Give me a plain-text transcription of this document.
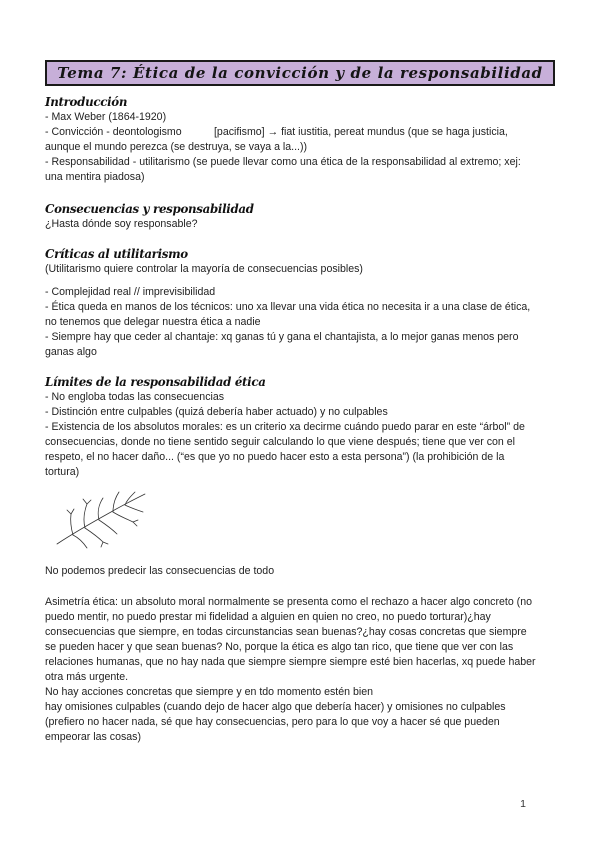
Tema 7: Ética de la convicción y de la responsabilidad
Introducción
- Max Weber (1864-1920)
- Convicción - deontologismo           [pacifismo] → fiat iustitia, pereat mundus (que se haga justicia,
aunque el mundo perezca (se destruya, se vaya a la...))
- Responsabilidad - utilitarismo (se puede llevar como una ética de la responsabilidad al extremo; xej:
una mentira piadosa)
Consecuencias y responsabilidad
¿Hasta dónde soy responsable?
Críticas al utilitarismo
(Utilitarismo quiere controlar la mayoría de consecuencias posibles)
- Complejidad real // imprevisibilidad
- Ética queda en manos de los técnicos: uno xa llevar una vida ética no necesita ir a una clase de ética,
no tenemos que delegar nuestra ética a nadie
- Siempre hay que ceder al chantaje: xq ganas tú y gana el chantajista, a lo mejor ganas menos pero
ganas algo
Límites de la responsabilidad ética
- No engloba todas las consecuencias
- Distinción entre culpables (quizá debería haber actuado) y no culpables
- Existencia de los absolutos morales: es un criterio xa decirme cuándo puedo parar en este “árbol” de
consecuencias, donde no tiene sentido seguir calculando lo que viene después; tiene que ver con el
respeto, el no hacer daño... (“es que yo no puedo hacer esto a esta persona”) (la prohibición de la
tortura)
No podemos predecir las consecuencias de todo
Asimetría ética: un absoluto moral normalmente se presenta como el rechazo a hacer algo concreto (no
puedo mentir, no puedo prestar mi fidelidad a alguien en quien no creo, no puedo torturar)¿hay
consecuencias que siempre, en todas circunstancias sean buenas?¿hay cosas concretas que siempre
se pueden hacer y que sean buenas? No, porque la ética es algo tan rico, que tiene que ver con las
relaciones humanas, que no hay nada que siempre siempre siempre esté bien hacerlas, xq puede haber
otra más urgente.
No hay acciones concretas que siempre y en tdo momento estén bien
hay omisiones culpables (cuando dejo de hacer algo que debería hacer) y omisiones no culpables
(prefiero no hacer nada, sé que hay consecuencias, pero para lo que voy a hacer sé que pueden
empeorar las cosas)
1
